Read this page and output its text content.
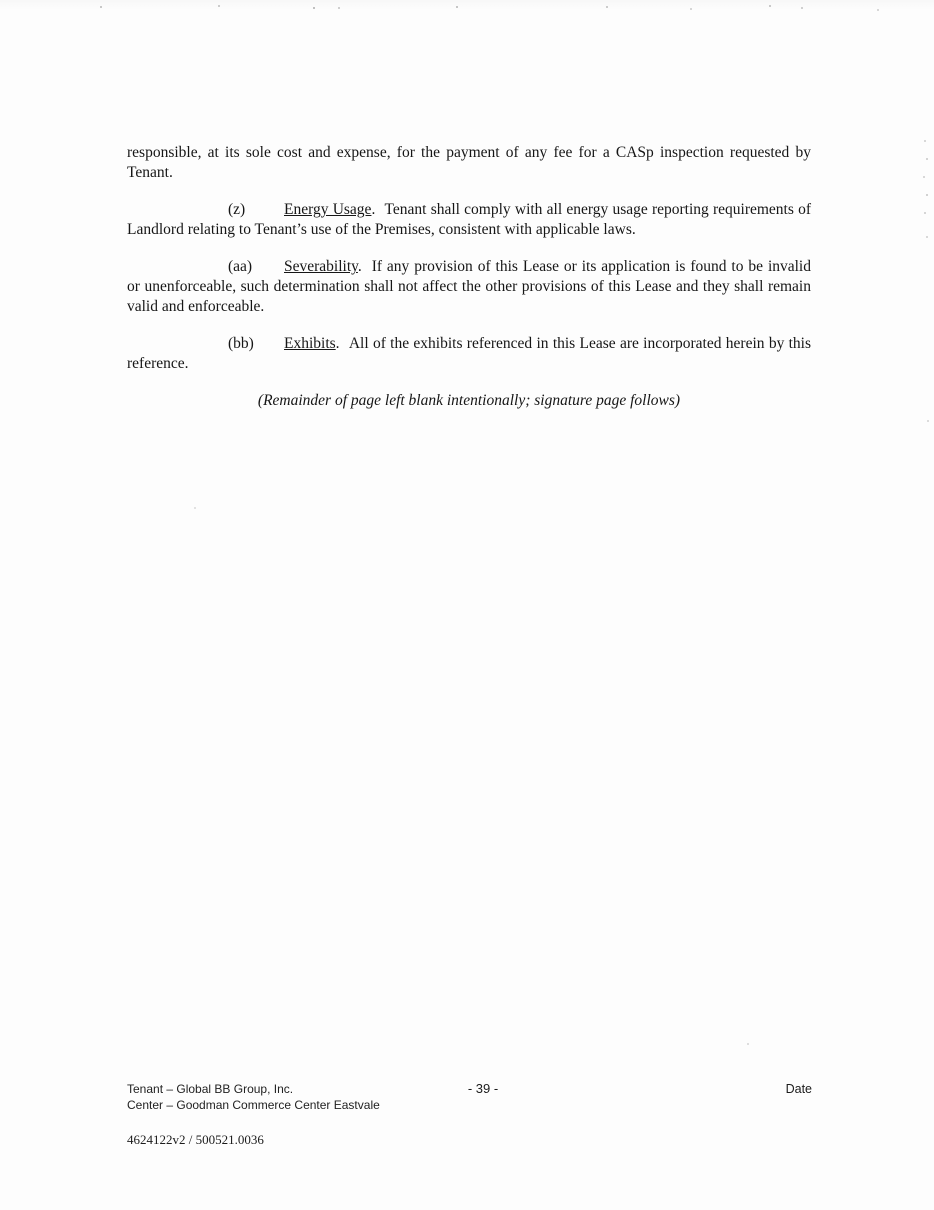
responsible, at its sole cost and expense, for the payment of any fee for a CASp inspection requested by Tenant.

(z)	Energy Usage. Tenant shall comply with all energy usage reporting requirements of Landlord relating to Tenant’s use of the Premises, consistent with applicable laws.

(aa) Severability. If any provision of this Lease or its application is found to be invalid or unenforceable, such determination shall not affect the other provisions of this Lease and they shall remain valid and enforceable.

(bb) Exhibits. All of the exhibits referenced in this Lease are incorporated herein by this reference.

(Remainder of page left blank intentionally; signature page follows)

Tenant – Global BB Group, Inc.
Center – Goodman Commerce Center Eastvale
- 39 -	Date
4624122v2 / 500521.0036
